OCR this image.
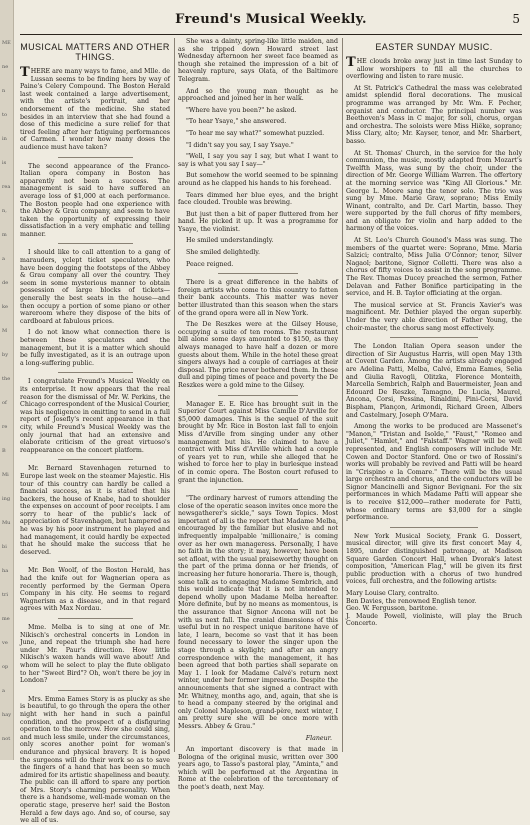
ME
ne
n
to
in
is
rea
n,
m
a
de
ke
M
by
the
of
re
B
Mi
ing
Mu
bi
ha
tri
me
ve
op
a
hay
not
Freund's Musical Weekly.	5
MUSICAL MATTERS AND OTHER THINGS.

THERE are many ways to fame, and Mlle. de Lussan seems to be finding hers by way of Paine's Celery Compound. The Boston Herald last week contained a large advertisement, with the artiste's portrait, and her endorsement of the medicine. She stated besides in an interview that she had found a dose of this medicine a sure relief for that tired feeling after her fatiguing performances of Carmen. I wonder how many doses the audience must have taken?

The second appearance of the Franco-Italian opera company in Boston has apparently not been a success. The management is said to have suffered an average loss of $1,000 at each performance. The Boston people had one experience with the Abbey & Grau company, and seem to have taken the opportunity of expressing their dissatisfaction in a very emphatic and telling manner.

I should like to call attention to a gang of marauders, yclept ticket speculators, who have been dogging the footsteps of the Abbey & Grau company all over the country. They seem in some mysterious manner to obtain possession of large blocks of tickets—generally the best seats in the house—and then occupy a portion of some piano or other wareroom where they dispose of the bits of cardboard at fabulous prices.

I do not know what connection there is between these speculators and the management, but it is a matter which should be fully investigated, as it is an outrage upon a long-suffering public.

I congratulate Freund's Musical Weekly on its enterprise. It now appears that the real reason for the dismissal of Mr. W. Perkins, the Chicago correspondent of the Musical Courier, was his negligence in omitting to send in a full report of Josefly's recent appearance in that city, while Freund's Musical Weekly was the only journal that had an extensive and elaborate criticism of the great virtuoso's reappearance on the concert platform.

Mr. Bernard Stavenhagen returned to Europe last week on the steamer Majestic. His tour of this country can hardly be called a financial success, as it is stated that his backers, the house of Knabe, had to shoulder the expenses on account of poor receipts. I am sorry to hear of the public's lack of appreciation of Stavenhagen, but hampered as he was by his poor instrument he played and had management, it could hardly be expected that he should make the success that he deserved.

Mr. Ben Woolf, of the Boston Herald, has had the knife out for Wagnerian opera as recently performed by the German Opera Company in his city. He seems to regard Wagnerism as a disease, and in that regard agrees with Max Nordau.

Mme. Melba is to sing at one of Mr. Nikisch's orchestral concerts in London in June, and repeat the triumph she had here under Mr. Paur's direction. How little Nikisch's waxen hands will wave about! And whom will he select to play the flute obligato to her "Sweet Bird"? Oh, won't there be joy in London?

Mrs. Emma Eames Story is as plucky as she is beautiful, to go through the opera the other night with her hand in such a painful condition, and the prospect of a disfiguring operation to the morrow. How she could sing, and much less smile, under the circumstances, only scores another point for woman's endurance and physical bravery. It is hoped the surgeons will do their work so as to save the fingers of a hand that has been so much admired for its artistic shapeliness and beauty. The public can ill afford to spare any portion of Mrs. Story's charming personality. When there is a handsome, well-made woman on the operatic stage, preserve her! said the Boston Herald a few days ago. And so, of course, say we all of us.

She was a dainty, spring-like little maiden, and as she tripped down Howard street last Wednesday afternoon her sweet face beamed as though she retained the impression of a bit of heavenly rapture, says Olata, of the Baltimore Telegram.

And so the young man thought as he approached and joined her in her walk.

"Where have you been?" he asked.

"To hear Ysaye," she answered.

"To hear me say what?" somewhat puzzled.

"I didn't say you say, I say Ysaye."

"Well, I say you say I say, but what I want to say is what you say I say—"

But somehow the world seemed to be spinning around as he clapped his hands to his forehead.

Tears dimmed her blue eyes, and the bright face clouded. Trouble was brewing.

But just then a bit of paper fluttered from her hand. He picked it up. It was a programme for Ysaye, the violinist.

He smiled understandingly.

She smiled delightedly.

Peace reigned.

There is a great difference in the habits of foreign artists who come to this country to fatten their bank accounts. This matter was never better illustrated than this season when the stars of the grand opera were all in New York.

The De Reszkes were at the Gilsey House, occupying a suite of ten rooms. The restaurant bill alone some days amounted to $150, as they always managed to have half a dozen or more guests about them. While in the hotel these great singers always had a couple of carriages at their disposal. The price never bothered them. In these dull and piping times of peace and poverty the De Reszkes were a gold mine to the Gilsey.

Manager E. E. Rice has brought suit in the Superior Court against Miss Camille D'Arville for $5,000 damages. This is the sequel of the suit brought by Mr. Rice in Boston last fall to enjoin Miss d'Arville from singing under any other management but his. He claimed to have a contract with Miss d'Arville which had a couple of years yet to run, while she alleged that he wished to force her to play in burlesque instead of in comic opera. The Boston court refused to grant the injunction.

"The ordinary harvest of rumors attending the close of the operatic season invites once more the newsgatherer's sickle," says Town Topics. Most important of all is the report that Madame Melba, encouraged by the familiar but elusive and not infrequently impalpable 'millionaire,' is coming over as her own manageress. Personally, I have no faith in the story; it may, however, have been set afloat, with the usual praiseworthy thought on the part of the prima donna or her friends, of increasing her future honoraria. There is, though, some talk as to engaging Madame Sembrich, and this would indicate that it is not intended to depend wholly upon Madame Melba hereafter. More definite, but by no means as momentous, is the assurance that Signor Ancona will not be with us next fall. The cranial dimensions of this useful but in no respect unique baritone have of late, I learn, become so vast that it has been found necessary to lower the singer upon the stage through a skylight; and after an angry correspondence with the management, it has been agreed that both parties shall separate on May 1. I look for Madame Calvé's return next winter, under her former impresario. Despite the announcements that she signed a contract with Mr. Whitney, months ago, and, again, that she is to head a company steered by the original and only Colonel Mapleson, grand-père, next winter, I am pretty sure she will be once more with Messrs. Abbey & Grau."

Flaneur.

An important discovery is that made in Bologna of the original music, written over 300 years ago, to Tasso's pastoral play, "Aminta," and which will be performed at the Argentina in Rome at the celebration of the tercentenary of the poet's death, next May.

EASTER SUNDAY MUSIC.

THE clouds broke away just in time last Sunday to allow worshipers to fill all the churches to overflowing and listen to rare music.

At St. Patrick's Cathedral the mass was celebrated amidst splendid floral decorations. The musical programme was arranged by Mr. Wm. F. Pecher, organist and conductor. The principal number was Beethoven's Mass in C major, for soli, chorus, organ and orchestra. The soloists were Miss Hiëke, soprano; Miss Clary, alto; Mr. Kayser, tenor, and Mr. Sharbert, basso.

At St. Thomas' Church, in the service for the holy communion, the music, mostly adapted from Mozart's Twelfth Mass, was sung by the choir, under the direction of Mr. George William Warren. The offertory at the morning service was "King All Glorious." Mr. George L. Moore sang the tenor solo. The trio was sung by Mme. Marie Graw, soprano; Miss Emily Winant, contralto, and Dr. Carl Martin, basso. They were supported by the full chorus of fifty members, and an obligato for violin and harp added to the harmony of the voices.

At St. Leo's Church Gounod's Mass was sung. The members of the quartet were: Soprano, Mme. Maria Salzici; contralto, Miss Julia O'Connor; tenor, Silver Nagaol; baritone, Signor Colletti. There was also a chorus of fifty voices to assist in the song programme. The Rev. Thomas Ducey preached the sermon, Father Delavan and Father Bonifice participating in the service, and H. B. Taylor officiating at the organ.

The musical service at St. Francis Xavier's was magnificent. Mr. Dethier played the organ superbly. Under the very able direction of Father Young, the choir-master, the chorus sang most effectively.

The London Italian Opera season under the direction of Sir Augustus Harris, will open May 13th at Covent Garden. Among the artists already engaged are Adelina Patti, Melba, Calvé, Emma Eames, Selia and Giulia Ravogli, Olitzka, Florence Monteith, Marcella Sembrich, Ralph and Bauermeister, Jean and Edouard De Reszke, Tamagno, De Lucia, Maurel, Ancona, Corsi, Pessina, Rinaldini, Pini-Corsi, David Bispham, Plançon, Arimondi, Richard Green, Albers and Castelmary, Joseph O'Mara.

Among the works to be produced are Massenet's "Manon," "Tristan and Isolde," "Faust," "Romeo and Juliet," "Hamlet," and "Falstaff." Wagner will be well represented, and English composers will include Mr. Cowen and Doctor Stanford. One or two of Rossini's works will probably be revived and Patti will be heard in "Crispino e la Comare." There will be the usual large orchestra and chorus, and the conductors will be Signor Mancinelli and Signor Bevignani. For the six performances in which Madame Patti will appear she is to receive $12,000—rather moderate for Patti, whose ordinary terms are $3,000 for a single performance.

New York Musical Society, Frank G. Dossert, musical director, will give its first concert May 4, 1895, under distinguished patronage, at Madison Square Garden Concert Hall, when Dvorak's latest composition, "American Flag," will be given its first public production with a chorus of two hundred voices, full orchestra, and the following artists:

Mary Louise Clary, contralto.

Ben Davies, the renowned English tenor.

Geo. W. Fergusson, baritone.

J. Maude Powell, violiniste, will play the Bruch Concerto.
